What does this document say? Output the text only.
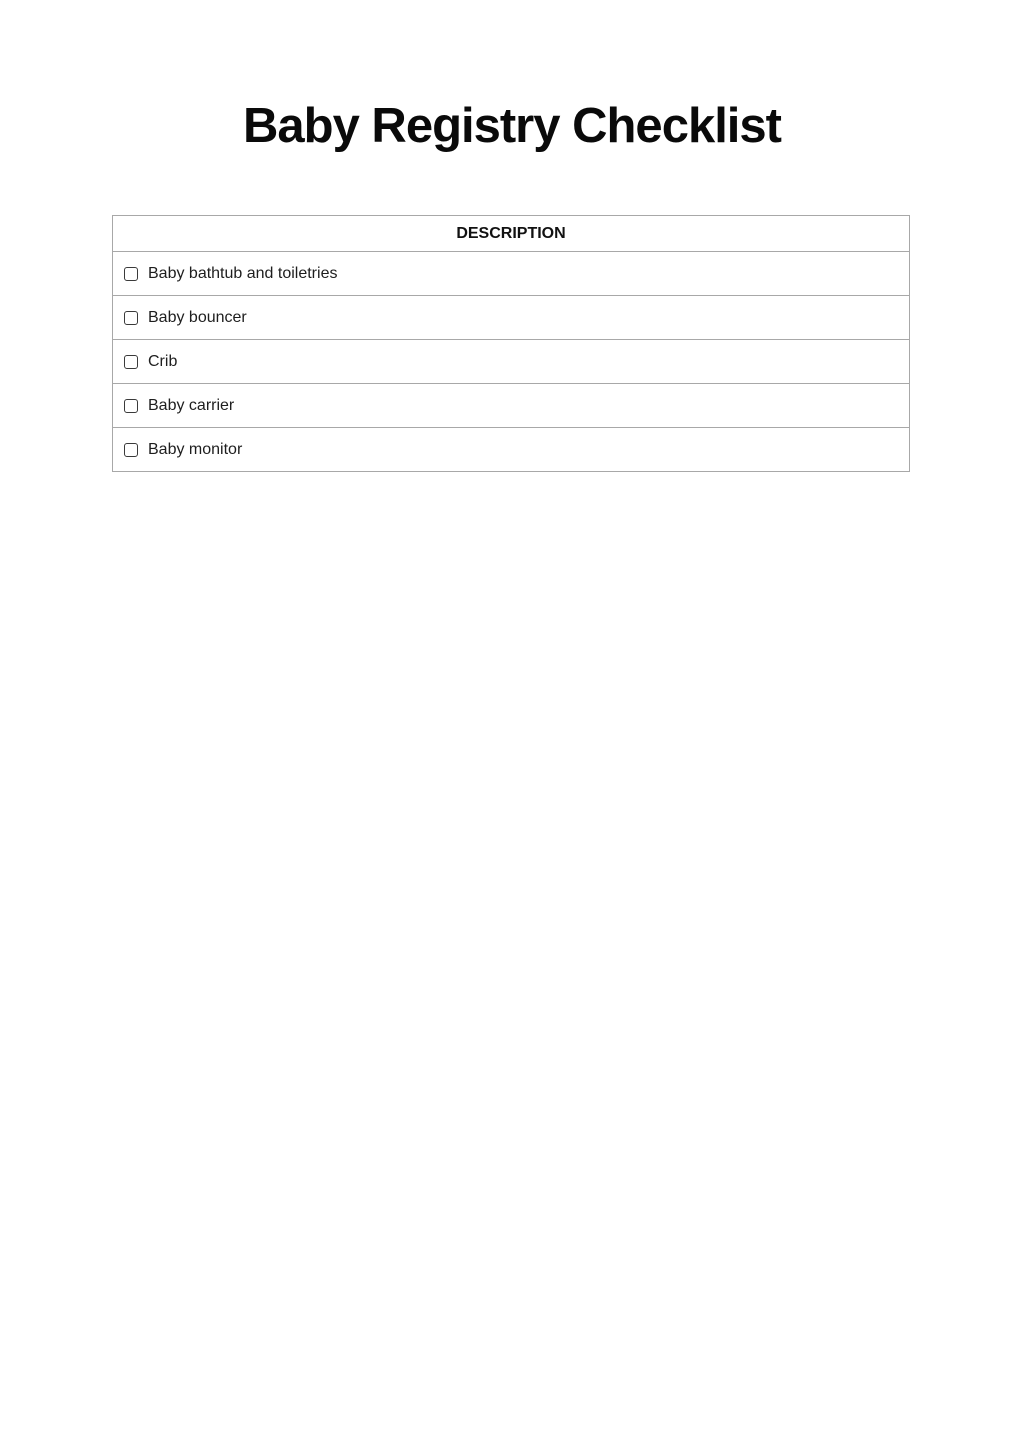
Baby Registry Checklist
DESCRIPTION
Baby bathtub and toiletries
Baby bouncer
Crib
Baby carrier
Baby monitor
